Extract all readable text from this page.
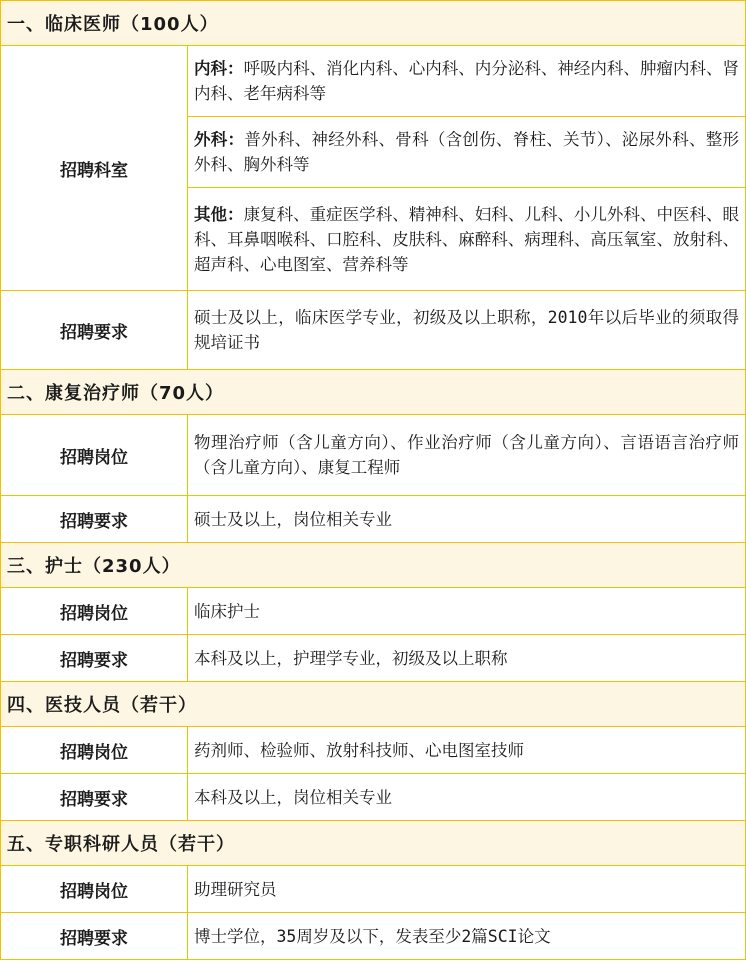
一、临床医师（100人）	
招聘科室	内科：呼吸内科、消化内科、心内科、内分泌科、神经内科、肿瘤内科、肾内科、老年病科等
	外科：普外科、神经外科、骨科（含创伤、脊柱、关节）、泌尿外科、整形外科、胸外科等
	其他：康复科、重症医学科、精神科、妇科、儿科、小儿外科、中医科、眼科、耳鼻咽喉科、口腔科、皮肤科、麻醉科、病理科、高压氧室、放射科、超声科、心电图室、营养科等
招聘要求	硕士及以上，临床医学专业，初级及以上职称，2010年以后毕业的须取得规培证书
二、康复治疗师（70人）	
招聘岗位	物理治疗师（含儿童方向）、作业治疗师（含儿童方向）、言语语言治疗师（含儿童方向）、康复工程师
招聘要求	硕士及以上，岗位相关专业
三、护士（230人）	
招聘岗位	临床护士
招聘要求	本科及以上，护理学专业，初级及以上职称
四、医技人员（若干）	
招聘岗位	药剂师、检验师、放射科技师、心电图室技师
招聘要求	本科及以上，岗位相关专业
五、专职科研人员（若干）	
招聘岗位	助理研究员
招聘要求	博士学位，35周岁及以下，发表至少2篇SCI论文
